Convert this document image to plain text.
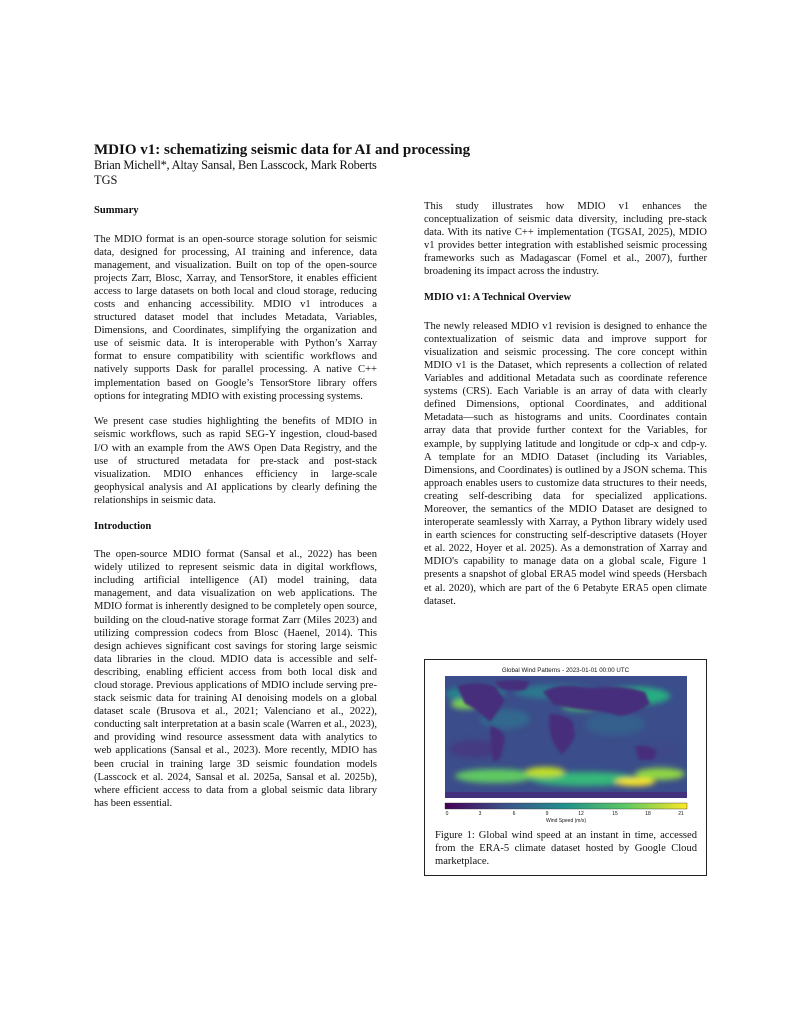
MDIO v1: schematizing seismic data for AI and processing
Brian Michell*, Altay Sansal, Ben Lasscock, Mark Roberts
TGS
Summary

The MDIO format is an open-source storage solution for seismic data, designed for processing, AI training and inference, data management, and visualization. Built on top of the open-source projects Zarr, Blosc, Xarray, and TensorStore, it enables efficient access to large datasets on both local and cloud storage, reducing costs and enhancing accessibility. MDIO v1 introduces a structured dataset model that includes Metadata, Variables, Dimensions, and Coordinates, simplifying the organization and use of seismic data. It is interoperable with Python’s Xarray format to ensure compatibility with scientific workflows and natively supports Dask for parallel processing. A native C++ implementation based on Google’s TensorStore library offers options for integrating MDIO with existing processing systems.

We present case studies highlighting the benefits of MDIO in seismic workflows, such as rapid SEG-Y ingestion, cloud-based I/O with an example from the AWS Open Data Registry, and the use of structured metadata for pre-stack and post-stack visualization. MDIO enhances efficiency in large-scale geophysical analysis and AI applications by clearly defining the relationships in seismic data.

Introduction

The open-source MDIO format (Sansal et al., 2022) has been widely utilized to represent seismic data in digital workflows, including artificial intelligence (AI) model training, data management, and data visualization on web applications. The MDIO format is inherently designed to be completely open source, building on the cloud-native storage format Zarr (Miles 2023) and utilizing compression codecs from Blosc (Haenel, 2014). This design achieves significant cost savings for storing large seismic data libraries in the cloud. MDIO data is accessible and self-describing, enabling efficient access from both local disk and cloud storage. Previous applications of MDIO include serving pre-stack seismic data for training AI denoising models on a global dataset scale (Brusova et al., 2021; Valenciano et al., 2022), conducting salt interpretation at a basin scale (Warren et al., 2023), and providing wind resource assessment data with analytics to web applications (Sansal et al., 2023). More recently, MDIO has been crucial in training large 3D seismic foundation models (Lasscock et al. 2024, Sansal et al. 2025a, Sansal et al. 2025b), where efficient access to data from a global seismic data library has been essential.

This study illustrates how MDIO v1 enhances the conceptualization of seismic data diversity, including pre-stack data. With its native C++ implementation (TGSAI, 2025), MDIO v1 provides better integration with established seismic processing frameworks such as Madagascar (Fomel et al., 2007), further broadening its impact across the industry.

MDIO v1: A Technical Overview

The newly released MDIO v1 revision is designed to enhance the contextualization of seismic data and improve support for visualization and seismic processing. The core concept within MDIO v1 is the Dataset, which represents a collection of related Variables and additional Metadata such as coordinate reference systems (CRS). Each Variable is an array of data with clearly defined Dimensions, optional Coordinates, and additional Metadata—such as histograms and units. Coordinates contain array data that provide further context for the Variables, for example, by supplying latitude and longitude or cdp-x and cdp-y. A template for an MDIO Dataset (including its Variables, Dimensions, and Coordinates) is outlined by a JSON schema. This approach enables users to customize data structures to their needs, creating self-describing data for specialized applications. Moreover, the semantics of the MDIO Dataset are designed to interoperate seamlessly with Xarray, a Python library widely used in earth sciences for constructing self-descriptive datasets (Hoyer et al. 2022, Hoyer et al. 2025). As a demonstration of Xarray and MDIO's capability to manage data on a global scale, Figure 1 presents a snapshot of global ERA5 model wind speeds (Hersbach et al. 2020), which are part of the 6 Petabyte ERA5 open climate dataset.

Global Wind Patterns - 2023-01-01 00:00 UTC
0	3	6	9	12	15	18	21
Wind Speed (m/s)
Figure 1: Global wind speed at an instant in time, accessed from the ERA-5 climate dataset hosted by Google Cloud marketplace.
